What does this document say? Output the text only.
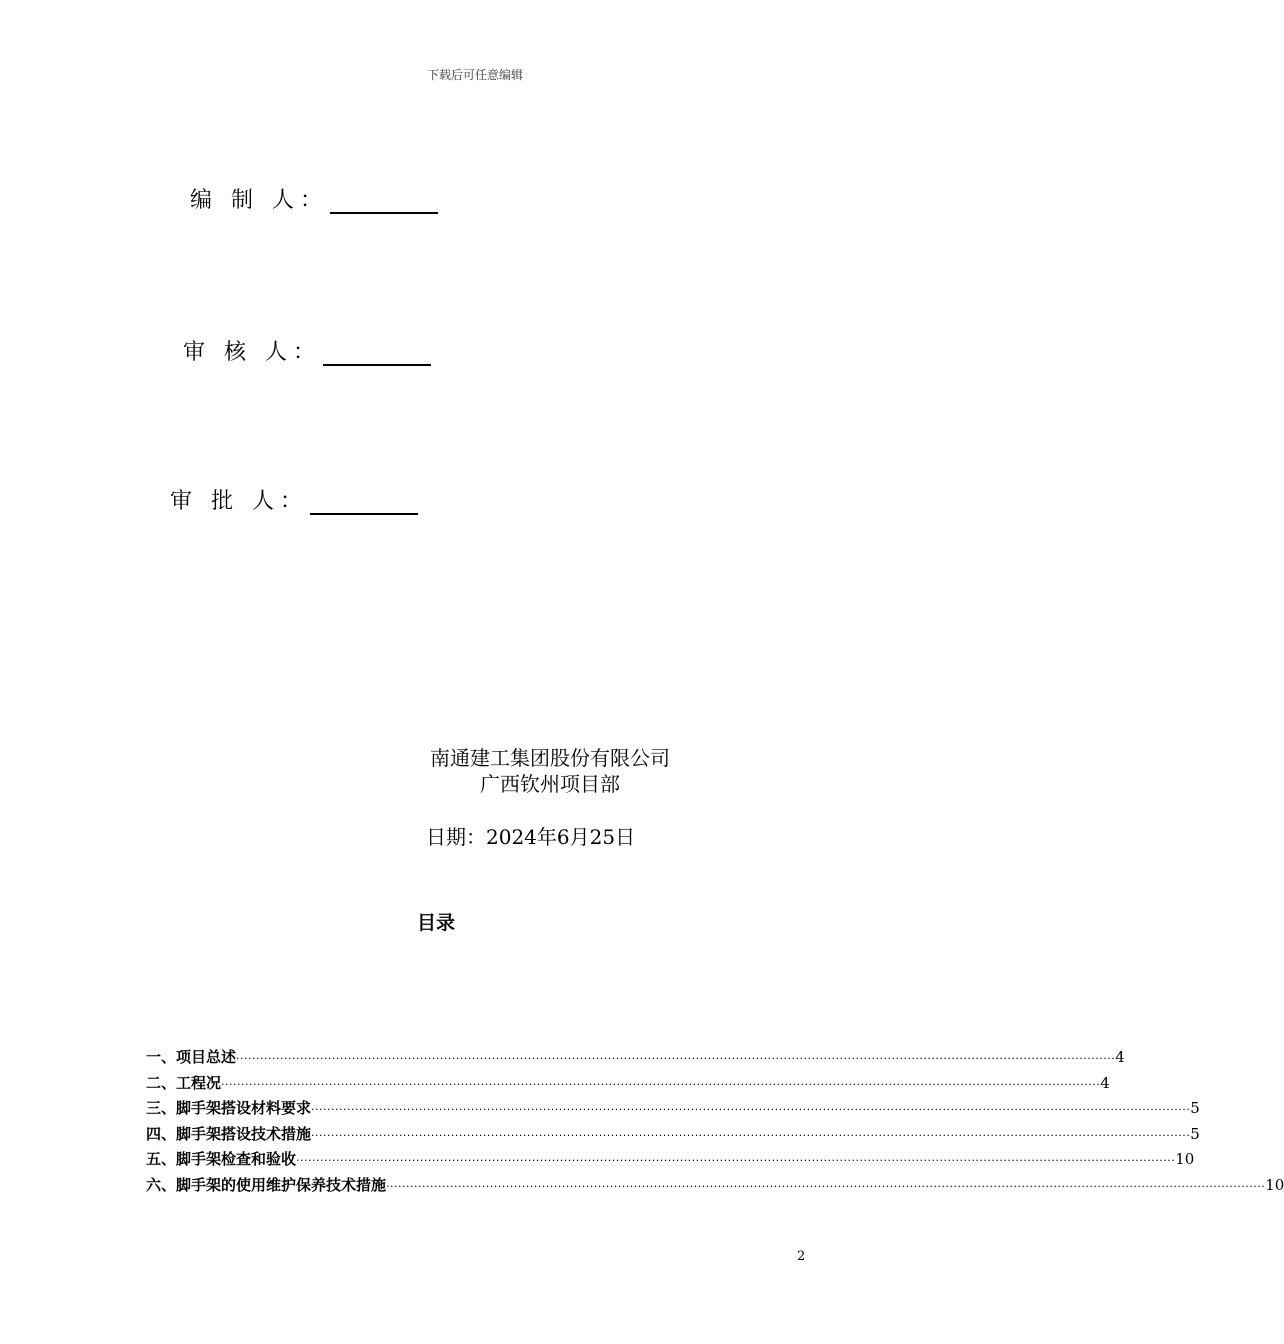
下载后可任意编辑
编 制 人：
审 核 人：
审 批 人：
南通建工集团股份有限公司
广西钦州项目部
日期：2024年6月25日
目录
一、项目总述 ···························································································································································································································· 4
二、工程况 ···························································································································································································································· 4
三、脚手架搭设材料要求 ···························································································································································································································· 5
四、脚手架搭设技术措施 ···························································································································································································································· 5
五、脚手架检查和验收 ···························································································································································································································· 10
六、脚手架的使用维护保养技术措施 ···························································································································································································································· 10
2
